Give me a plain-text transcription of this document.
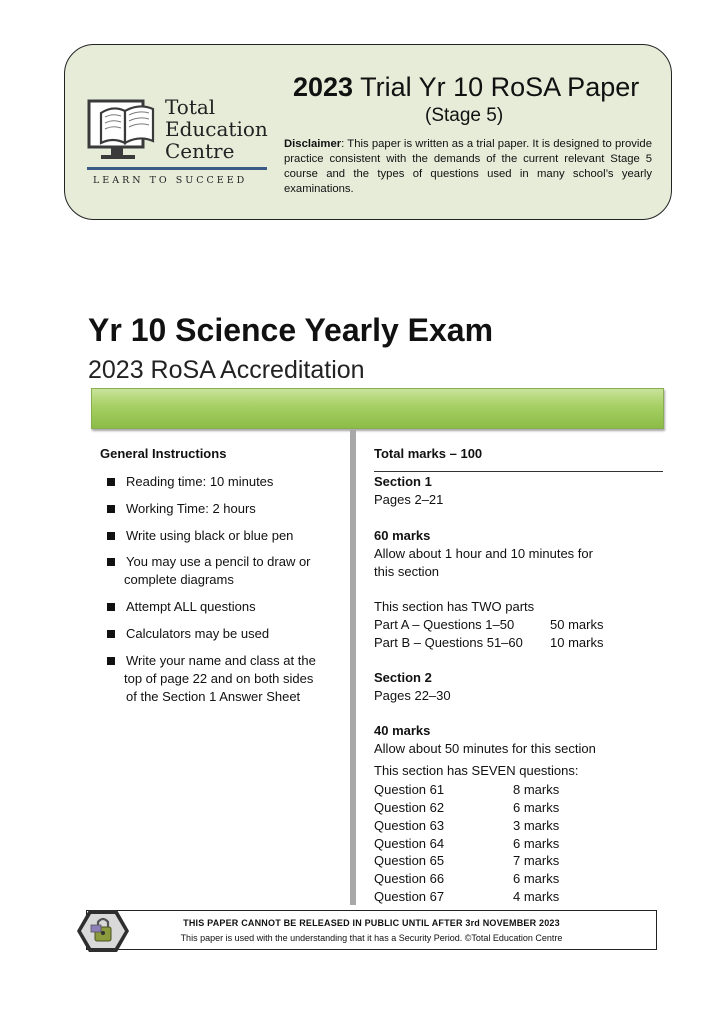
Total
Education
Centre
LEARN TO SUCCEED
2023 Trial Yr 10 RoSA Paper
(Stage 5)
Disclaimer: This paper is written as a trial paper. It is designed to provide practice consistent with the demands of the current relevant Stage 5 course and the types of questions used in many school’s yearly examinations.
Yr 10 Science Yearly Exam
2023 RoSA Accreditation
General Instructions
Reading time: 10 minutes
Working Time: 2 hours
Write using black or blue pen
You may use a pencil to draw or
complete diagrams
Attempt ALL questions
Calculators may be used
Write your name and class at the
top of page 22 and on both sides
of the Section 1 Answer Sheet
Total marks – 100
Section 1
Pages 2–21
60 marks
Allow about 1 hour and 10 minutes for
this section
This section has TWO parts
Part A – Questions 1–50	50 marks
Part B – Questions 51–60 10 marks
Section 2
Pages 22–30
40 marks
Allow about 50 minutes for this section
This section has SEVEN questions:
Question 61	8 marks
Question 62	6 marks
Question 63	3 marks
Question 64	6 marks
Question 65	7 marks
Question 66	6 marks
Question 67	4 marks
THIS PAPER CANNOT BE RELEASED IN PUBLIC UNTIL AFTER 3rd NOVEMBER 2023
This paper is used with the understanding that it has a Security Period. ©Total Education Centre
